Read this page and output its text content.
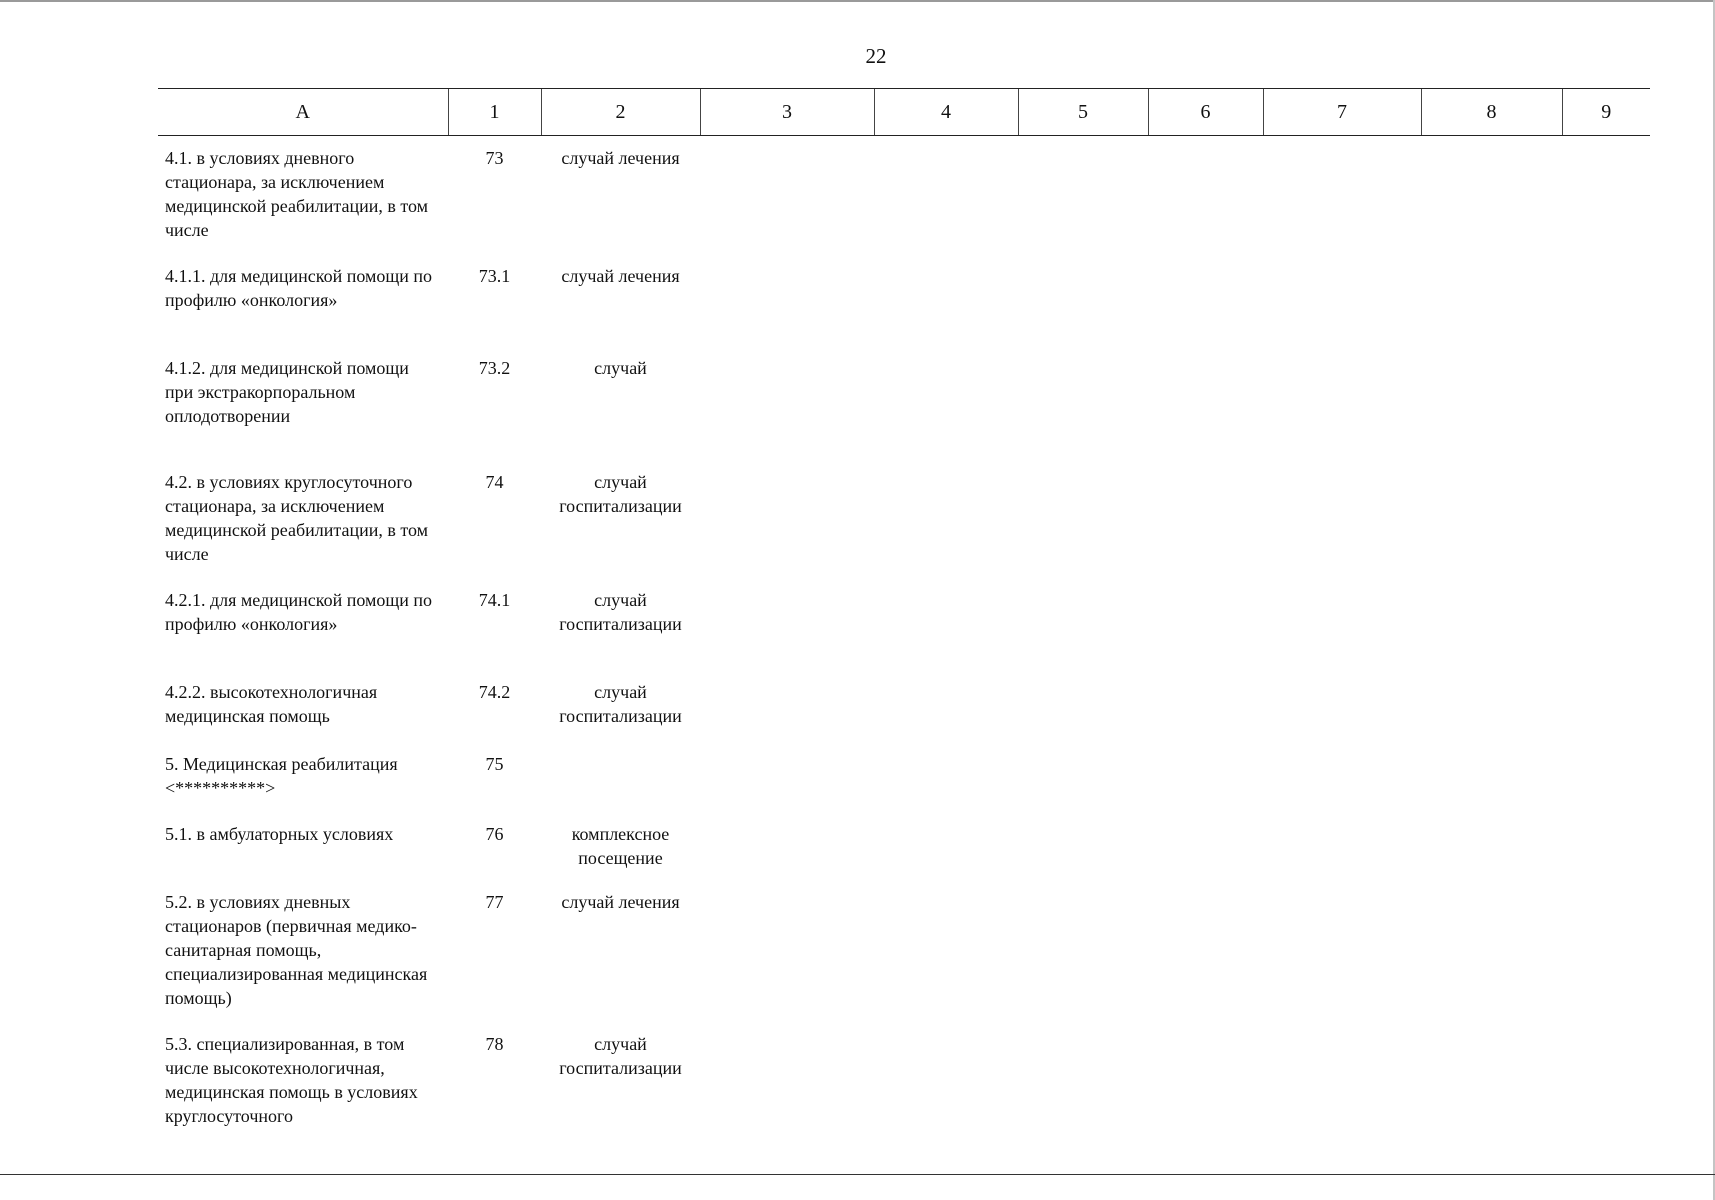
22
А	1	2	3	4	5	6	7	8	9
4.1. в условиях дневного стационара, за исключением медицинской реабилитации, в том числе	73	случай лечения							
4.1.1. для медицинской помощи по профилю «онкология»	73.1	случай лечения							
4.1.2. для медицинской помощи при экстракорпоральном оплодотворении	73.2	случай							
4.2. в условиях круглосуточного стационара, за исключением медицинской реабилитации, в том числе	74	случай госпитализации							
4.2.1. для медицинской помощи по профилю «онкология»	74.1	случай госпитализации							
4.2.2. высокотехнологичная медицинская помощь	74.2	случай госпитализации							
5. Медицинская реабилитация <**********>	75								
5.1. в амбулаторных условиях	76	комплексное посещение							
5.2. в условиях дневных стационаров (первичная медико-санитарная помощь, специализированная медицинская помощь)	77	случай лечения							
5.3. специализированная, в том числе высокотехнологичная, медицинская помощь в условиях круглосуточного	78	случай госпитализации							
